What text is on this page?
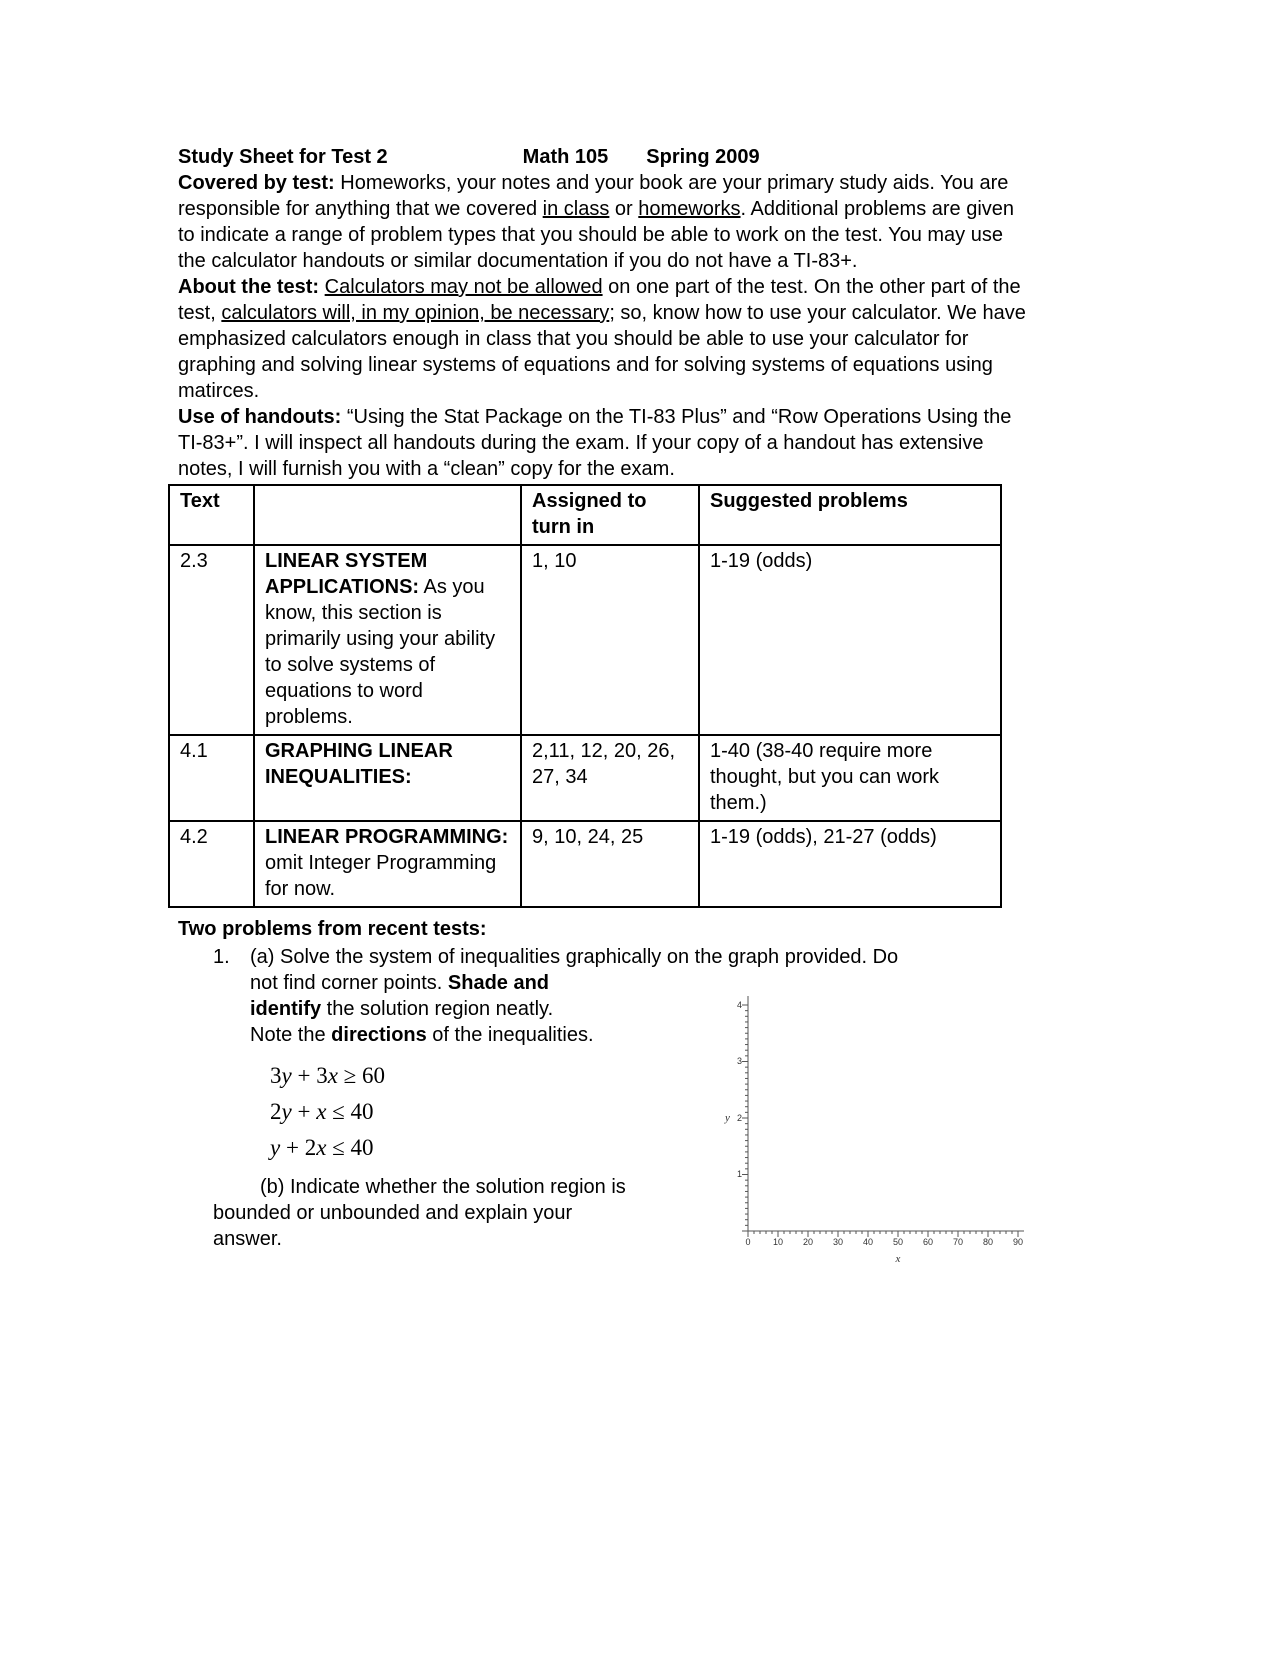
Study Sheet for Test 2	Math 105 Spring 2009

Covered by test: Homeworks, your notes and your book are your primary study aids. You are responsible for anything that we covered in class or homeworks. Additional problems are given to indicate a range of problem types that you should be able to work on the test. You may use the calculator handouts or similar documentation if you do not have a TI-83+.

About the test: Calculators may not be allowed on one part of the test. On the other part of the test, calculators will, in my opinion, be necessary; so, know how to use your calculator. We have emphasized calculators enough in class that you should be able to use your calculator for graphing and solving linear systems of equations and for solving systems of equations using matirces.

Use of handouts: “Using the Stat Package on the TI-83 Plus” and “Row Operations Using the TI-83+”. I will inspect all handouts during the exam. If your copy of a handout has extensive notes, I will furnish you with a “clean” copy for the exam.

Text		Assigned to turn in	Suggested problems
2.3	LINEAR SYSTEM APPLICATIONS: As you know, this section is primarily using your ability to solve systems of equations to word problems.	1, 10	1-19 (odds)
4.1	GRAPHING LINEAR INEQUALITIES:	2,11, 12, 20, 26, 27, 34	1-40 (38-40 require more thought, but you can work them.)
4.2	LINEAR PROGRAMMING: omit Integer Programming for now.	9, 10, 24, 25	1-19 (odds), 21-27 (odds)
Two problems from recent tests:
1. (a) Solve the system of inequalities graphically on the graph provided. Do
not find corner points. Shade and
identify the solution region neatly.
Note the directions of the inequalities.
3y + 3x ≥ 60
2y + x ≤ 40
y + 2x ≤ 40
(b) Indicate whether the solution region is
bounded or unbounded and explain your
answer.
4
3
2
1
y
0 10 20 30 40 50 60 70 80 90
x
